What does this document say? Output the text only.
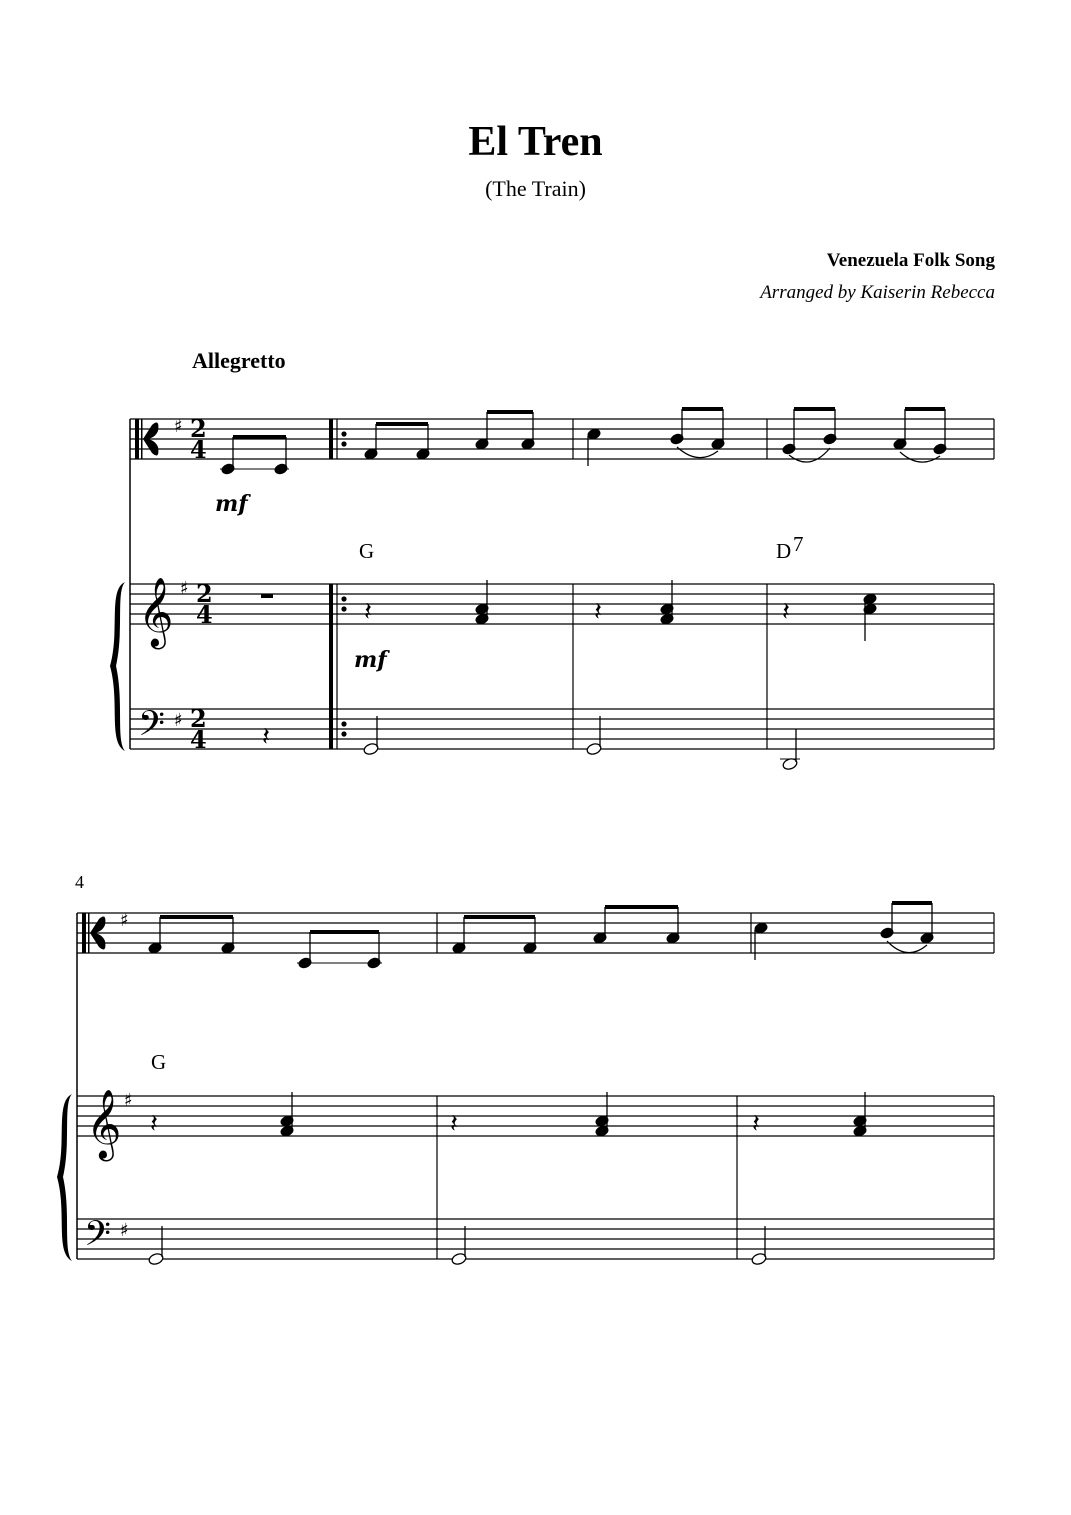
El Tren
(The Train)
Venezuela Folk Song
Arranged by Kaiserin Rebecca
Allegretto
𝄞
𝄞
𝄢
𝄢
♯
♯
♯
♯
♯
♯
2
4
2
4
2
4
𝄽	𝄽	𝄽
𝄽
𝄽	𝄽	𝄽
mf
mf
G	D 7
G
4
